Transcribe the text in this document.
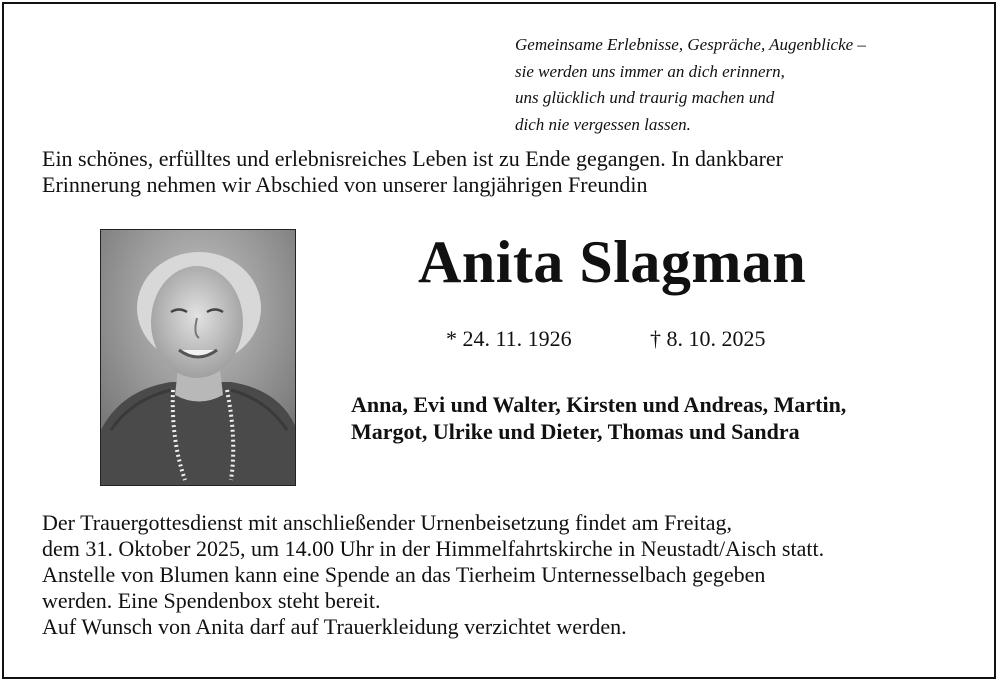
Gemeinsame Erlebnisse, Gespräche, Augenblicke –
sie werden uns immer an dich erinnern,
uns glücklich und traurig machen und
dich nie vergessen lassen.
Ein schönes, erfülltes und erlebnisreiches Leben ist zu Ende gegangen. In dankbarer
Erinnerung nehmen wir Abschied von unserer langjährigen Freundin
Anita Slagman
* 24. 11. 1926	† 8. 10. 2025
Anna, Evi und Walter, Kirsten und Andreas, Martin,
Margot, Ulrike und Dieter, Thomas und Sandra
Der Trauergottesdienst mit anschließender Urnenbeisetzung findet am Freitag,
dem 31. Oktober 2025, um 14.00 Uhr in der Himmelfahrtskirche in Neustadt/Aisch statt.
Anstelle von Blumen kann eine Spende an das Tierheim Unternesselbach gegeben
werden. Eine Spendenbox steht bereit.
Auf Wunsch von Anita darf auf Trauerkleidung verzichtet werden.
